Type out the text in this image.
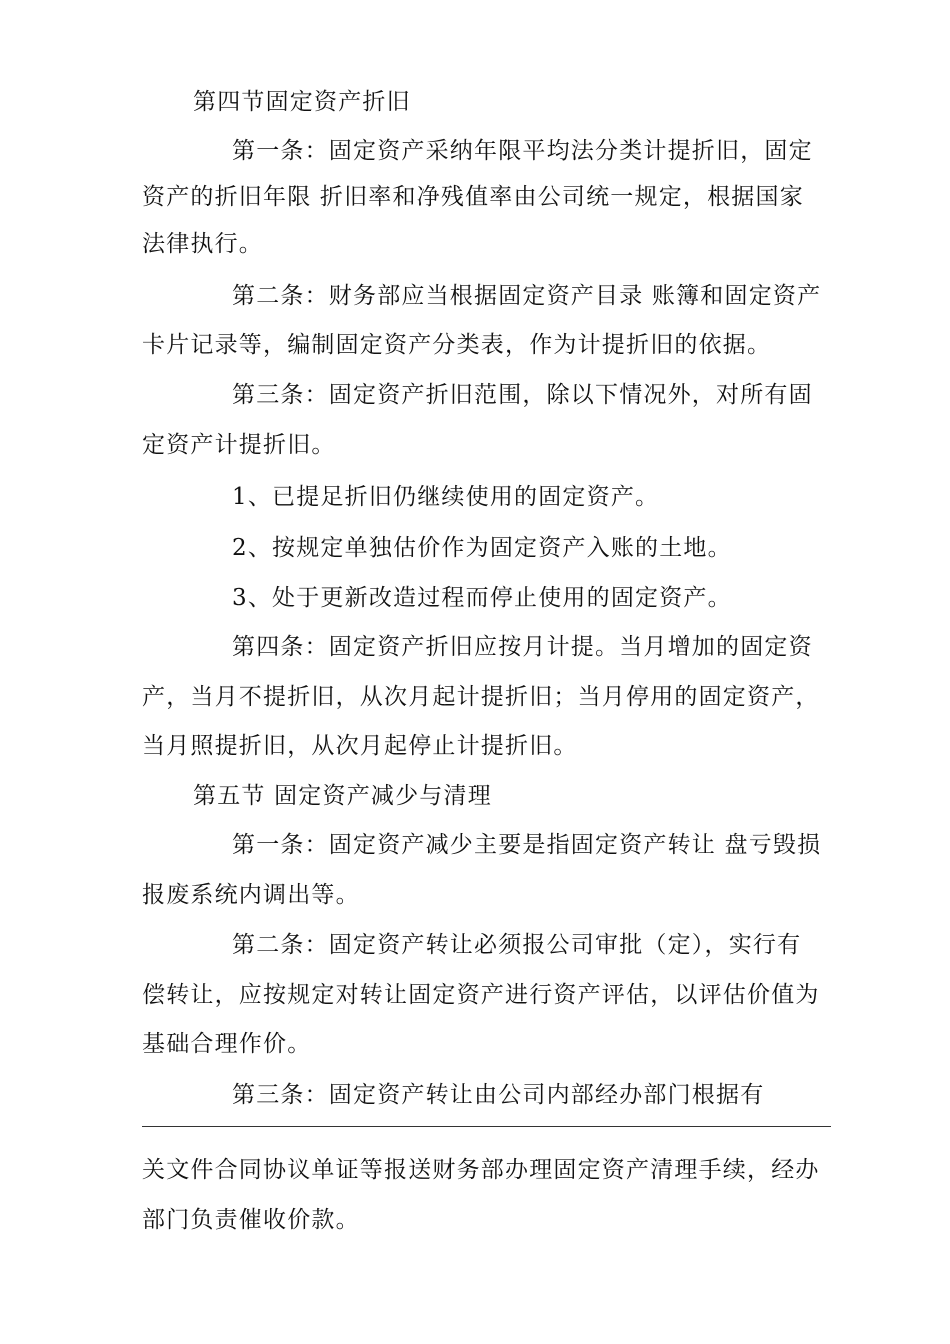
第四节固定资产折旧
第一条：固定资产采纳年限平均法分类计提折旧，固定
资产的折旧年限 折旧率和净残值率由公司统一规定，根据国家
法律执行。
第二条：财务部应当根据固定资产目录 账簿和固定资产
卡片记录等，编制固定资产分类表，作为计提折旧的依据。
第三条：固定资产折旧范围，除以下情况外，对所有固
定资产计提折旧。
1、已提足折旧仍继续使用的固定资产。
2、按规定单独估价作为固定资产入账的土地。
3、处于更新改造过程而停止使用的固定资产。
第四条：固定资产折旧应按月计提。当月增加的固定资
产，当月不提折旧，从次月起计提折旧；当月停用的固定资产，
当月照提折旧，从次月起停止计提折旧。
第五节 固定资产减少与清理
第一条：固定资产减少主要是指固定资产转让 盘亏毁损
报废系统内调出等。
第二条：固定资产转让必须报公司审批（定），实行有
偿转让，应按规定对转让固定资产进行资产评估，以评估价值为
基础合理作价。
第三条：固定资产转让由公司内部经办部门根据有
关文件合同协议单证等报送财务部办理固定资产清理手续，经办
部门负责催收价款。
